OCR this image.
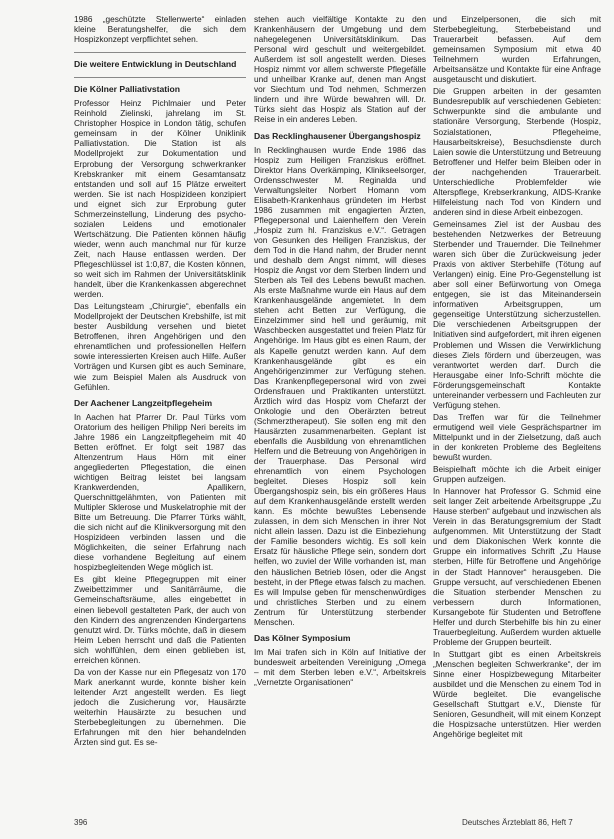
1986 „geschützte Stellenwerte“ einladen kleine Beratungshelfer, die sich dem Hospizkonzept verpflichtet sehen.

Die weitere Entwicklung in Deutschland
Die Kölner Palliativstation

Professor Heinz Pichlmaier und Peter Reinhold Zielinski, jahrelang im St. Christopher Hospice in London tätig, schufen gemeinsam in der Kölner Uniklinik Palliativstation. Die Station ist als Modellprojekt zur Dokumentation und Erprobung der Versorgung schwerkranker Krebskranker mit einem Gesamtansatz entstanden und soll auf 15 Plätze erweitert werden. Sie ist nach Hospizideen konzipiert und eignet sich zur Erprobung guter Schmerzeinstellung, Linderung des psycho-sozialen Leidens und emotionaler Wertschätzung. Die Patienten können häufig wieder, wenn auch manchmal nur für kurze Zeit, nach Hause entlassen werden. Der Pflegeschlüssel ist 1:0,87, die Kosten können, so weit sich im Rahmen der Universitätsklinik handelt, über die Krankenkassen abgerechnet werden.

Das Leitungsteam „Chirurgie“, ebenfalls ein Modellprojekt der Deutschen Krebshilfe, ist mit bester Ausbildung versehen und bietet Betroffenen, ihren Angehörigen und den ehrenamtlichen und professionellen Helfern sowie interessierten Kreisen auch Hilfe. Außer Vorträgen und Kursen gibt es auch Seminare, wie zum Beispiel Malen als Ausdruck von Gefühlen.

Der Aachener Langzeitpflegeheim

In Aachen hat Pfarrer Dr. Paul Türks vom Oratorium des heiligen Philipp Neri bereits im Jahre 1986 ein Langzeitpflegeheim mit 40 Betten eröffnet. Er folgt seit 1987 das Altenzentrum Haus Hörn mit einer angegliederten Pflegestation, die einen wichtigen Beitrag leistet bei langsam Krankwerdenden, Apallikern, Querschnittgelähmten, von Patienten mit Multipler Sklerose und Muskelatrophie mit der Bitte um Betreuung. Die Pfarrer Türks wählt, die sich nicht auf die Klinikversorgung mit den Hospizideen verbinden lassen und die Möglichkeiten, die seiner Erfahrung nach diese vorhandene Begleitung auf einem hospizbegleitenden Wege möglich ist.

Es gibt kleine Pflegegruppen mit einer Zweibettzimmer und Sanitärräume, die Gemeinschaftsräume, alles eingebettet in einen liebevoll gestalteten Park, der auch von den Kindern des angrenzenden Kindergartens genutzt wird. Dr. Türks möchte, daß in diesem Heim Leben herrscht und daß die Patienten sich wohlfühlen, dem einen geblieben ist, erreichen können.

Da von der Kasse nur ein Pflegesatz von 170 Mark anerkannt wurde, konnte bisher kein leitender Arzt angestellt werden. Es liegt jedoch die Zusicherung vor, Hausärzte weiterhin Hausärzte zu besuchen und Sterbebegleitungen zu übernehmen. Die Erfahrungen mit den hier behandelnden Ärzten sind gut. Es se-

stehen auch vielfältige Kontakte zu den Krankenhäusern der Umgebung und dem nahegelegenen Universitätsklinikum. Das Personal wird geschult und weitergebildet. Außerdem ist soll angestellt werden. Dieses Hospiz nimmt vor allem schwerste Pflegefälle und unheilbar Kranke auf, denen man Angst vor Siechtum und Tod nehmen, Schmerzen lindern und ihre Würde bewahren will. Dr. Türks sieht das Hospiz als Station auf der Reise in ein anderes Leben.

Das Recklinghausener Übergangshospiz

In Recklinghausen wurde Ende 1986 das Hospiz zum Heiligen Franziskus eröffnet. Direktor Hans Overkämping, Klinikseelsorger, Ordensschwester M. Reginalda und Verwaltungsleiter Norbert Homann vom Elisabeth-Krankenhaus gründeten im Herbst 1986 zusammen mit engagierten Ärzten, Pflegepersonal und Laienhelfern den Verein „Hospiz zum hl. Franziskus e.V.“. Getragen von Gesunken des Heiligen Franziskus, der dem Tod in die Hand nahm, der Bruder nennt und deshalb dem Angst nimmt, will dieses Hospiz die Angst vor dem Sterben lindern und Sterben als Teil des Lebens bewußt machen. Als erste Maßnahme wurde ein Haus auf dem Krankenhausgelände angemietet. In dem stehen acht Betten zur Verfügung, die Einzelzimmer sind hell und geräumig, mit Waschbecken ausgestattet und freien Platz für Angehörige. Im Haus gibt es einen Raum, der als Kapelle genutzt werden kann. Auf dem Krankenhausgelände gibt es ein Angehörigenzimmer zur Verfügung stehen. Das Krankenpflegepersonal wird von zwei Ordensfrauen und Praktikanten unterstützt. Ärztlich wird das Hospiz vom Chefarzt der Onkologie und den Oberärzten betreut (Schmerztherapeut). Sie sollen eng mit den Hausärzten zusammenarbeiten. Geplant ist ebenfalls die Ausbildung von ehrenamtlichen Helfern und die Betreuung von Angehörigen in der Trauerphase. Das Personal wird ehrenamtlich von einem Psychologen begleitet. Dieses Hospiz soll kein Übergangshospiz sein, bis ein größeres Haus auf dem Krankenhausgelände erstellt werden kann. Es möchte bewußtes Lebensende zulassen, in dem sich Menschen in ihrer Not nicht allein lassen. Dazu ist die Einbeziehung der Familie besonders wichtig. Es soll kein Ersatz für häusliche Pflege sein, sondern dort helfen, wo zuviel der Wille vorhanden ist, man den häuslichen Betrieb lösen, oder die Angst besteht, in der Pflege etwas falsch zu machen. Es will Impulse geben für menschenwürdiges und christliches Sterben und zu einem Zentrum für Unterstützung sterbender Menschen.

Das Kölner Symposium

Im Mai trafen sich in Köln auf Initiative der bundesweit arbeitenden Vereinigung „Omega – mit dem Sterben leben e.V.“, Arbeitskreis „Vernetzte Organisationen“

und Einzelpersonen, die sich mit Sterbebegleitung, Sterbebeistand und Trauerarbeit befassen. Auf dem gemeinsamen Symposium mit etwa 40 Teilnehmern wurden Erfahrungen, Arbeitsansätze und Kontakte für eine Anfrage ausgetauscht und diskutiert.

Die Gruppen arbeiten in der gesamten Bundesrepublik auf verschiedenen Gebieten: Schwerpunkte sind die ambulante und stationäre Versorgung, Sterbende (Hospiz, Sozialstationen, Pflegeheime, Hausarbeitskreise), Besuchsdienste durch Laien sowie die Unterstützung und Betreuung Betroffener und Helfer beim Bleiben oder in der nachgehenden Trauerarbeit. Unterschiedliche Problemfelder wie Alterspflege, Krebserkrankung, AIDS-Kranke Hilfeleistung nach Tod von Kindern und anderen sind in diese Arbeit einbezogen.

Gemeinsames Ziel ist der Ausbau des bestehenden Netzwerkes der Betreuung Sterbender und Trauernder. Die Teilnehmer waren sich über die Zurückweisung jeder Praxis von aktiver Sterbehilfe (Tötung auf Verlangen) einig. Eine Pro-Gegenstellung ist aber soll einer Befürwortung von Omega entgegen, sie ist das Miteinandersein informativen Arbeitsgruppen, um gegenseitige Unterstützung sicherzustellen. Die verschiedenen Arbeitsgruppen der Initiativen sind aufgefordert, mit ihren eigenen Problemen und Wissen die Verwirklichung dieses Ziels fördern und überzeugen, was verantwortet werden darf. Durch die Herausgabe einer Info-Schrift möchte die Förderungsgemeinschaft Kontakte untereinander verbessern und Fachleuten zur Verfügung stehen.

Das Treffen war für die Teilnehmer ermutigend weil viele Gesprächspartner im Mittelpunkt und in der Zielsetzung, daß auch in der konkreten Probleme des Begleitens bewußt wurden.

Beispielhaft möchte ich die Arbeit einiger Gruppen aufzeigen.

In Hannover hat Professor G. Schmid eine seit langer Zeit arbeitende Arbeitsgruppe „Zu Hause sterben“ aufgebaut und inzwischen als Verein in das Beratungsgremium der Stadt aufgenommen. Mit Unterstützung der Stadt und dem Diakonischen Werk konnte die Gruppe ein informatives Schrift „Zu Hause sterben, Hilfe für Betroffene und Angehörige in der Stadt Hannover“ herausgeben. Die Gruppe versucht, auf verschiedenen Ebenen die Situation sterbender Menschen zu verbessern durch Informationen, Kursangebote für Studenten und Betroffene Helfer und durch Sterbehilfe bis hin zu einer Trauerbegleitung. Außerdem wurden aktuelle Probleme der Gruppen beurteilt.

In Stuttgart gibt es einen Arbeitskreis „Menschen begleiten Schwerkranke“, der im Sinne einer Hospizbewegung Mitarbeiter ausbildet und die Menschen zu einem Tod in Würde begleitet. Die evangelische Gesellschaft Stuttgart e.V., Dienste für Senioren, Gesundheit, will mit einem Konzept die Hospizsache unterstützen. Hier werden Angehörige begleitet mit

396	Deutsches Ärzteblatt 86, Heft 7
